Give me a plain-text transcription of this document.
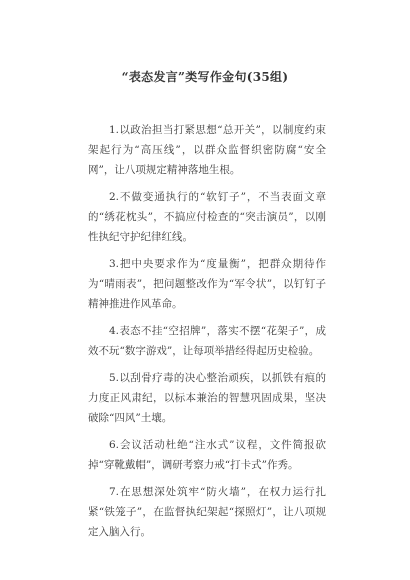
“表态发言”类写作金句(35组)

1.以政治担当打紧思想“总开关”，以制度约束架起行为“高压线”，以群众监督织密防腐“安全网”，让八项规定精神落地生根。

2.不做变通执行的“软钉子”，不当表面文章的“绣花枕头”，不搞应付检查的“突击演员”，以刚性执纪守护纪律红线。

3.把中央要求作为“度量衡”，把群众期待作为“晴雨表”，把问题整改作为“军令状”，以钉钉子精神推进作风革命。

4.表态不挂“空招牌”，落实不摆“花架子”，成效不玩“数字游戏”，让每项举措经得起历史检验。

5.以刮骨疗毒的决心整治顽疾，以抓铁有痕的力度正风肃纪，以标本兼治的智慧巩固成果，坚决破除“四风”土壤。

6.会议活动杜绝“注水式”议程，文件简报砍掉“穿靴戴帽”，调研考察力戒“打卡式”作秀。

7.在思想深处筑牢“防火墙”，在权力运行扎紧“铁笼子”，在监督执纪架起“探照灯”，让八项规定入脑入行。
